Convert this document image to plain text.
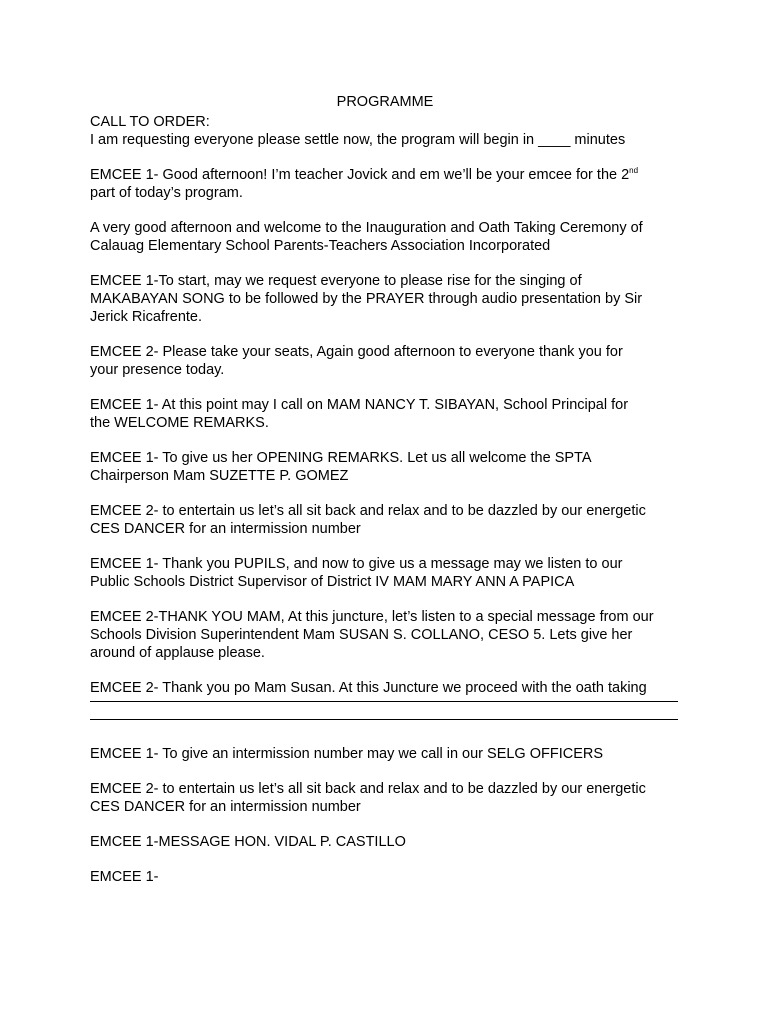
PROGRAMME
CALL TO ORDER:
I am requesting everyone please settle now, the program will begin in ____ minutes
EMCEE 1- Good afternoon! I’m teacher Jovick and em we’ll be your emcee for the 2nd
part of today’s program.
A very good afternoon and welcome to the Inauguration and Oath Taking Ceremony of
Calauag Elementary School Parents-Teachers Association Incorporated
EMCEE 1-To start, may we request everyone to please rise for the singing of
MAKABAYAN SONG to be followed by the PRAYER through audio presentation by Sir
Jerick Ricafrente.
EMCEE 2- Please take your seats, Again good afternoon to everyone thank you for
your presence today.
EMCEE 1- At this point may I call on MAM NANCY T. SIBAYAN, School Principal for
the WELCOME REMARKS.
EMCEE 1- To give us her OPENING REMARKS. Let us all welcome the SPTA
Chairperson Mam SUZETTE P. GOMEZ
EMCEE 2- to entertain us let’s all sit back and relax and to be dazzled by our energetic
CES DANCER for an intermission number
EMCEE 1- Thank you PUPILS, and now to give us a message may we listen to our
Public Schools District Supervisor of District IV MAM MARY ANN A PAPICA
EMCEE 2-THANK YOU MAM, At this juncture, let’s listen to a special message from our
Schools Division Superintendent Mam SUSAN S. COLLANO, CESO 5. Lets give her
around of applause please.
EMCEE 2- Thank you po Mam Susan. At this Juncture we proceed with the oath taking
EMCEE 1- To give an intermission number may we call in our SELG OFFICERS
EMCEE 2- to entertain us let’s all sit back and relax and to be dazzled by our energetic
CES DANCER for an intermission number
EMCEE 1-MESSAGE HON. VIDAL P. CASTILLO
EMCEE 1-
